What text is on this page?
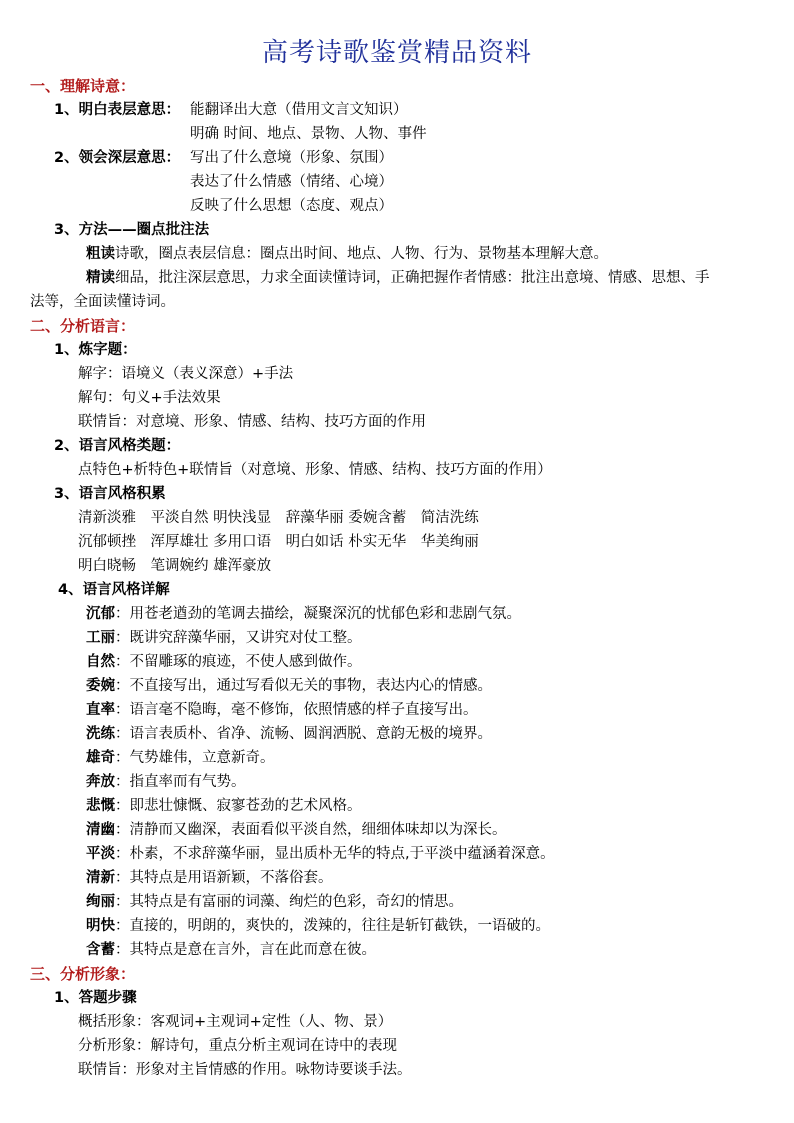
高考诗歌鉴赏精品资料
一、理解诗意：
1、明白表层意思： 能翻译出大意（借用文言文知识）
明确 时间、地点、景物、人物、事件
2、领会深层意思： 写出了什么意境（形象、氛围）
表达了什么情感（情绪、心境）
反映了什么思想（态度、观点）
3、方法——圈点批注法
粗读诗歌，圈点表层信息：圈点出时间、地点、人物、行为、景物基本理解大意。
精读细品，批注深层意思，力求全面读懂诗词，正确把握作者情感：批注出意境、情感、思想、手
法等，全面读懂诗词。
二、分析语言：
1、炼字题：
解字：语境义（表义深意）+手法
解句：句义+手法效果
联情旨：对意境、形象、情感、结构、技巧方面的作用
2、语言风格类题：
点特色+析特色+联情旨（对意境、形象、情感、结构、技巧方面的作用）
3、语言风格积累
清新淡雅　平淡自然 明快浅显　辞藻华丽 委婉含蓄　简洁洗练
沉郁顿挫　浑厚雄壮 多用口语　明白如话 朴实无华　华美绚丽
明白晓畅　笔调婉约 雄浑豪放
4、语言风格详解
沉郁：用苍老遒劲的笔调去描绘，凝聚深沉的忧郁色彩和悲剧气氛。
工丽：既讲究辞藻华丽，又讲究对仗工整。
自然：不留雕琢的痕迹，不使人感到做作。
委婉：不直接写出，通过写看似无关的事物，表达内心的情感。
直率：语言毫不隐晦，毫不修饰，依照情感的样子直接写出。
洗练：语言表质朴、省净、流畅、圆润洒脱、意韵无极的境界。
雄奇：气势雄伟，立意新奇。
奔放：指直率而有气势。
悲慨：即悲壮慷慨、寂寥苍劲的艺术风格。
清幽：清静而又幽深，表面看似平淡自然，细细体味却以为深长。
平淡：朴素，不求辞藻华丽，显出质朴无华的特点,于平淡中蕴涵着深意。
清新：其特点是用语新颖，不落俗套。
绚丽：其特点是有富丽的词藻、绚烂的色彩，奇幻的情思。
明快：直接的，明朗的，爽快的，泼辣的，往往是斩钉截铁，一语破的。
含蓄：其特点是意在言外，言在此而意在彼。
三、分析形象：
1、答题步骤
概括形象：客观词+主观词+定性（人、物、景）
分析形象：解诗句，重点分析主观词在诗中的表现
联情旨：形象对主旨情感的作用。咏物诗要谈手法。
